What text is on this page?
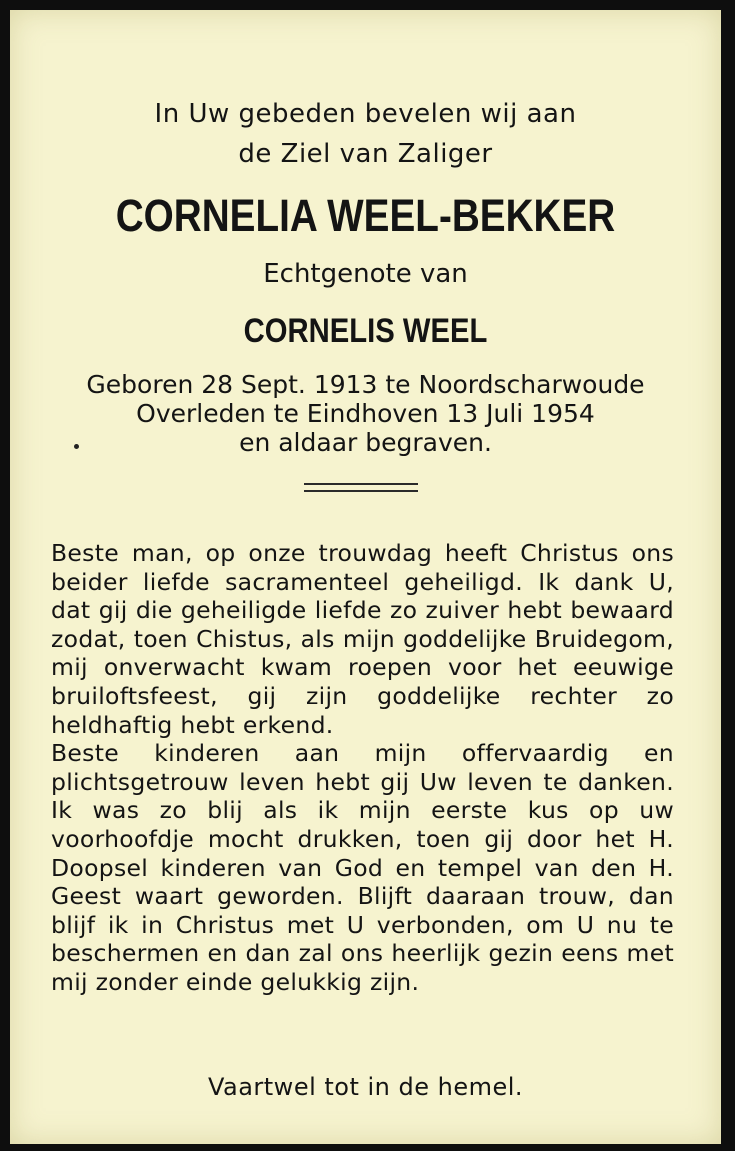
In Uw gebeden bevelen wij aan
de Ziel van Zaliger
CORNELIA WEEL-BEKKER
Echtgenote van
CORNELIS WEEL
Geboren 28 Sept. 1913 te Noordscharwoude
Overleden te Eindhoven 13 Juli 1954
en aldaar begraven.

Beste man, op onze trouwdag heeft Christus ons beider liefde sacramenteel geheiligd. Ik dank U, dat gij die geheiligde liefde zo zuiver hebt bewaard zodat, toen Chistus, als mijn goddelijke Bruidegom, mij onverwacht kwam roepen voor het eeuwige bruiloftsfeest, gij zijn goddelijke rechter zo heldhaftig hebt erkend.

Beste kinderen aan mijn offervaardig en plichtsgetrouw leven hebt gij Uw leven te danken. Ik was zo blij als ik mijn eerste kus op uw voorhoofdje mocht drukken, toen gij door het H. Doopsel kinderen van God en tempel van den H. Geest waart geworden. Blijft daaraan trouw, dan blijf ik in Christus met U verbonden, om U nu te beschermen en dan zal ons heerlijk gezin eens met mij zonder einde gelukkig zijn.

Vaartwel tot in de hemel.
